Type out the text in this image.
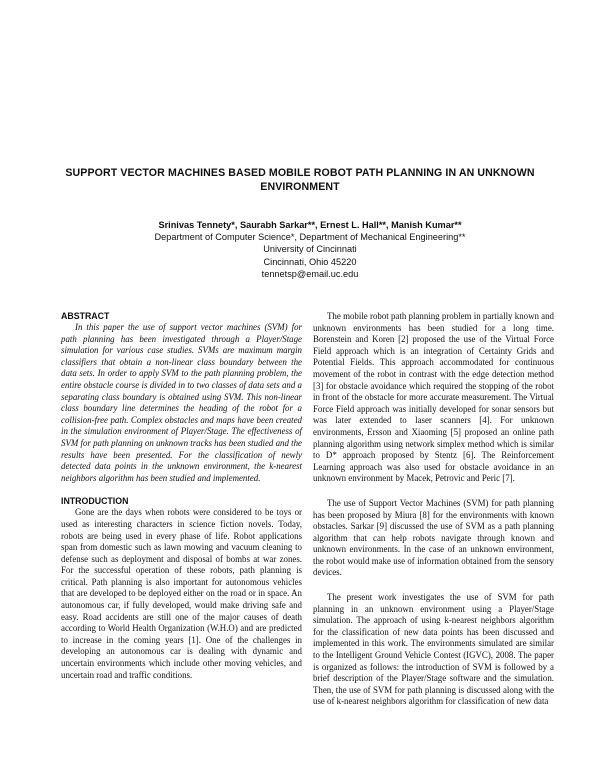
SUPPORT VECTOR MACHINES BASED MOBILE ROBOT PATH PLANNING IN AN UNKNOWN ENVIRONMENT
Srinivas Tennety*, Saurabh Sarkar**, Ernest L. Hall**, Manish Kumar**
Department of Computer Science*, Department of Mechanical Engineering**
University of Cincinnati
Cincinnati, Ohio 45220
tennetsp@email.uc.edu
ABSTRACT
In this paper the use of support vector machines (SVM) for path planning has been investigated through a Player/Stage simulation for various case studies. SVMs are maximum margin classifiers that obtain a non-linear class boundary between the data sets. In order to apply SVM to the path planning problem, the entire obstacle course is divided in to two classes of data sets and a separating class boundary is obtained using SVM. This non-linear class boundary line determines the heading of the robot for a collision-free path. Complex obstacles and maps have been created in the simulation environment of Player/Stage. The effectiveness of SVM for path planning on unknown tracks has been studied and the results have been presented. For the classification of newly detected data points in the unknown environment, the k-nearest neighbors algorithm has been studied and implemented.
INTRODUCTION

Gone are the days when robots were considered to be toys or used as interesting characters in science fiction novels. Today, robots are being used in every phase of life. Robot applications span from domestic such as lawn mowing and vacuum cleaning to defense such as deployment and disposal of bombs at war zones. For the successful operation of these robots, path planning is critical. Path planning is also important for autonomous vehicles that are developed to be deployed either on the road or in space. An autonomous car, if fully developed, would make driving safe and easy. Road accidents are still one of the major causes of death according to World Health Organization (W.H.O) and are predicted to increase in the coming years [1]. One of the challenges in developing an autonomous car is dealing with dynamic and uncertain environments which include other moving vehicles, and uncertain road and traffic conditions.

The mobile robot path planning problem in partially known and unknown environments has been studied for a long time. Borenstein and Koren [2] proposed the use of the Virtual Force Field approach which is an integration of Certainty Grids and Potential Fields. This approach accommodated for continuous movement of the robot in contrast with the edge detection method [3] for obstacle avoidance which required the stopping of the robot in front of the obstacle for more accurate measurement. The Virtual Force Field approach was initially developed for sonar sensors but was later extended to laser scanners [4]. For unknown environments, Ersson and Xiaoming [5] proposed an online path planning algorithm using network simplex method which is similar to D* approach proposed by Stentz [6]. The Reinforcement Learning approach was also used for obstacle avoidance in an unknown environment by Macek, Petrovic and Peric [7].

The use of Support Vector Machines (SVM) for path planning has been proposed by Miura [8] for the environments with known obstacles. Sarkar [9] discussed the use of SVM as a path planning algorithm that can help robots navigate through known and unknown environments. In the case of an unknown environment, the robot would make use of information obtained from the sensory devices.

The present work investigates the use of SVM for path planning in an unknown environment using a Player/Stage simulation. The approach of using k-nearest neighbors algorithm for the classification of new data points has been discussed and implemented in this work. The environments simulated are similar to the Intelligent Ground Vehicle Contest (IGVC), 2008. The paper is organized as follows: the introduction of SVM is followed by a brief description of the Player/Stage software and the simulation. Then, the use of SVM for path planning is discussed along with the use of k-nearest neighbors algorithm for classification of new data
